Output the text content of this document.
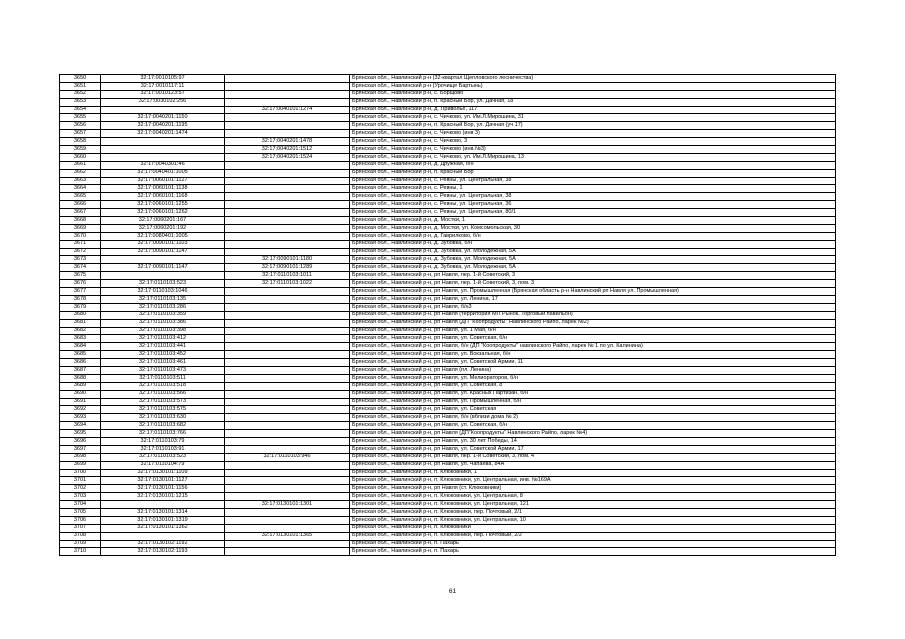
3650	32:17:0010105:97		Брянская обл., Навлинский р-н (32-квартал Щепловского лесничества)
3651	32:17:0010117:11		Брянская обл., Навлинский р-н (Урочище Бартынь)
3652	32:17:0010123:57		Брянская обл., Навлинский р-н, с. Борщово
3653	32:17:0030102:256		Брянская обл., Навлинский р-н, п. Красный Бор, ул. Дачная, 18
3654		32:17:0040101:1274	Брянская обл., Навлинский р-н, д. Привольe, 117
3655	32:17:0040201:1150		Брянская обл., Навлинский р-н, с. Чичково, ул. Им.Л.Мирошина, 31
3656	32:17:0040201:1195		Брянская обл., Навлинский р-н, п. Красный Бор, ул. Дачная (уч 17)
3657	32:17:0040201:1474		Брянская обл., Навлинский р-н, с. Чичково (инв 3)
3658		32:17:0040201:1478	Брянская обл., Навлинский р-н, с. Чичково, 3
3659		32:17:0040201:1512	Брянская обл., Навлинский р-н, с. Чичково (инв.№3)
3660		32:17:0040201:1524	Брянская обл., Навлинский р-н, с. Чичково, ул. Им.Л.Мирошина, 13
3661	32:17:0040301:46		Брянская обл., Навлинский р-н, д. Дружная, б/н
3662	32:17:0040401:1005		Брянская обл., Навлинский р-н, п. Красный Бор
3663	32:17:0060101:1127		Брянская обл., Навлинский р-н, с. Ревны, ул. Центральная, 38
3664	32:17:0060101:1138		Брянская обл., Навлинский р-н, с. Ревны, 1
3665	32:17:0060101:1168		Брянская обл., Навлинский р-н, с. Ревны, ул. Центральная, 38
3666	32:17:0060101:1255		Брянская обл., Навлинский р-н, с. Ревны, ул. Центральная, 36
3667	32:17:0060101:1262		Брянская обл., Навлинский р-н, с. Ревны, ул. Центральная, 80/1
3668	32:17:0060201:167		Брянская обл., Навлинский р-н, д. Мостки, 1
3669	32:17:0060201:192		Брянская обл., Навлинский р-н, д. Мостки, ул. Комсомольская, 30
3670	32:17:0080401:1005		Брянская обл., Навлинский р-н, д. Гаврилково, б/н
3671	32:17:0090101:1103		Брянская обл., Навлинский р-н, д. Зубовка, б/н
3672	32:17:0090101:1147		Брянская обл., Навлинский р-н, д. Зубовка, ул. Молодежная, 5А
3673		32:17:0090101:1180	Брянская обл., Навлинский р-н, д. Зубовка, ул. Молодежная, 5А
3674	32:17:0090101:1147	32:17:0090101:1289	Брянская обл., Навлинский р-н, д. Зубовка, ул. Молодежная, 5А
3675		32:17:0110103:1011	Брянская обл., Навлинский р-н, рп Навля, пер. 1-й Советский, 3
3676	32:17:0110103:523	32:17:0110103:1022	Брянская обл., Навлинский р-н, рп Навля, пер. 1-й Советский, 3, пом. 3
3677	32:17:0110103:1046		Брянская обл., Навлинский р-н, рп Навля, ул. Промышленная (Брянская область р-н Навлинский рп Навля ул. Промышленная)
3678	32:17:0110103:135		Брянская обл., Навлинский р-н, рп Навля, ул. Ленина, 17
3679	32:17:0110103:286		Брянская обл., Навлинский р-н, рп Навля, б/н3
3680	32:17:0110103:359		Брянская обл., Навлинский р-н, рп Навля (территория МП Рынок, Торговый павильон)
3681	32:17:0110103:386		Брянская обл., Навлинский р-н, рп Навля (ДП "Коопродукты" Навлинского Райпо, ларек №2)
3682	32:17:0110103:398		Брянская обл., Навлинский р-н, рп Навля, ул. 1 Мая, б/н
3683	32:17:0110103:412		Брянская обл., Навлинский р-н, рп Навля, ул. Советская, б/н
3684	32:17:0110103:441		Брянская обл., Навлинский р-н, рп Навля, б/н (ДП "Коопродукты" навлинского Райпо, ларек № 1 по ул. Калинина)
3685	32:17:0110103:452		Брянская обл., Навлинский р-н, рп Навля, ул. Вокзальная, б/н
3686	32:17:0110103:461		Брянская обл., Навлинский р-н, рп Навля, ул. Советской Армии, 11
3687	32:17:0110103:473		Брянская обл., Навлинский р-н, рп Навля (пл. Ленина)
3688	32:17:0110103:511		Брянская обл., Навлинский р-н, рп Навля, ул. Мелиораторов, б/н
3689	32:17:0110103:518		Брянская обл., Навлинский р-н, рп Навля, ул. Советская, 8
3690	32:17:0110103:566		Брянская обл., Навлинский р-н, рп Навля, ул. Красных Партизан, б/н
3691	32:17:0110103:573		Брянская обл., Навлинский р-н, рп Навля, ул. Промышленная, б/н
3692	32:17:0110103:575		Брянская обл., Навлинский р-н, рп Навля, ул. Советская
3693	32:17:0110103:630		Брянская обл., Навлинский р-н, рп Навля, б/н (вблизи дома № 2)
3694	32:17:0110103:682		Брянская обл., Навлинский р-н, рп Навля, ул. Советская, б/н
3695	32:17:0110103:766		Брянская обл., Навлинский р-н, рп Навля (ДП"Коопродукты" Навлинского Райпо, ларек №4)
3696	32:17:0110103:79		Брянская обл., Навлинский р-н, рп Навля, ул. 30 лет Победы, 14
3697	32:17:0110103:91		Брянская обл., Навлинский р-н, рп Навля, ул. Советской Армии, 17
3698	32:17:0110103:523	32:17:0110103:946	Брянская обл., Навлинский р-н, рп Навля, пер. 1-й Советский, 3, пом. 4
3699	32:17:0110104:79		Брянская обл., Навлинский р-н, рп Навля, ул. Чапаева, 84А
3700	32:17:0130101:1109		Брянская обл., Навлинский р-н, п. Клюковники, 1
3701	32:17:0130101:1127		Брянская обл., Навлинский р-н, п. Клюковники, ул. Центральная, инв. №169А
3702	32:17:0130101:1156		Брянская обл., Навлинский р-н, рп Навля (ст. Клюковники)
3703	32:17:0130101:1215		Брянская обл., Навлинский р-н, п. Клюковники, ул. Центральная, 8
3704		32:17:0130101:1301	Брянская обл., Навлинский р-н, п. Клюковники, ул. Центральная, 121
3705	32:17:0130101:1314		Брянская обл., Навлинский р-н, п. Клюковники, пер. Почтовый, 2/1
3706	32:17:0130101:1319		Брянская обл., Навлинский р-н, п. Клюковники, ул. Центральная, 10
3707	32:17:0130101:1362		Брянская обл., Навлинский р-н, п. Клюковники
3708		32:17:0130101:1365	Брянская обл., Навлинский р-н, п. Клюковники, пер. Почтовый, 2/2
3709	32:17:0130102:1192		Брянская обл., Навлинский р-н, п. Пахарь
3710	32:17:0130102:1193		Брянская обл., Навлинский р-н, п. Пахарь
61
